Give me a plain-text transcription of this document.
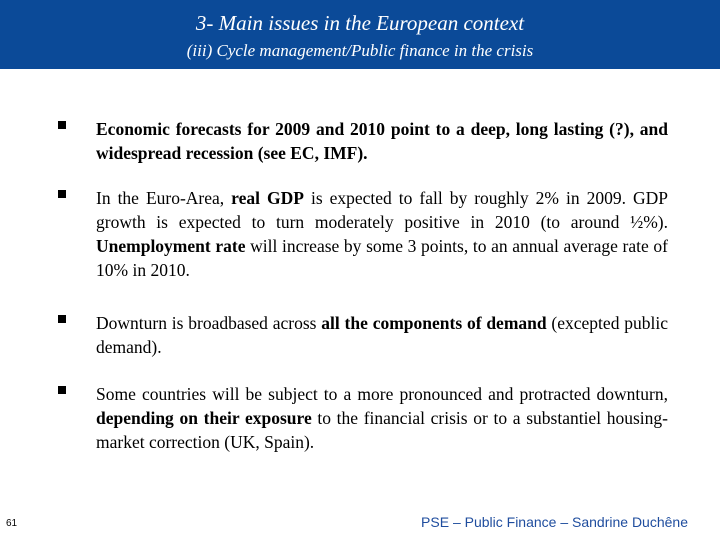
3- Main issues in the European context
(iii) Cycle management/Public finance in the crisis
Economic forecasts for 2009 and 2010 point to a deep, long lasting (?), and widespread recession (see EC, IMF).
In the Euro-Area, real GDP is expected to fall by roughly 2% in 2009. GDP growth is expected to turn moderately positive in 2010 (to around ½%). Unemployment rate will increase by some 3 points, to an annual average rate of 10% in 2010.
Downturn is broadbased across all the components of demand (excepted public demand).
Some countries will be subject to a more pronounced and protracted downturn, depending on their exposure to the financial crisis or to a substantiel housing-market correction (UK, Spain).
61	PSE – Public Finance – Sandrine Duchêne
